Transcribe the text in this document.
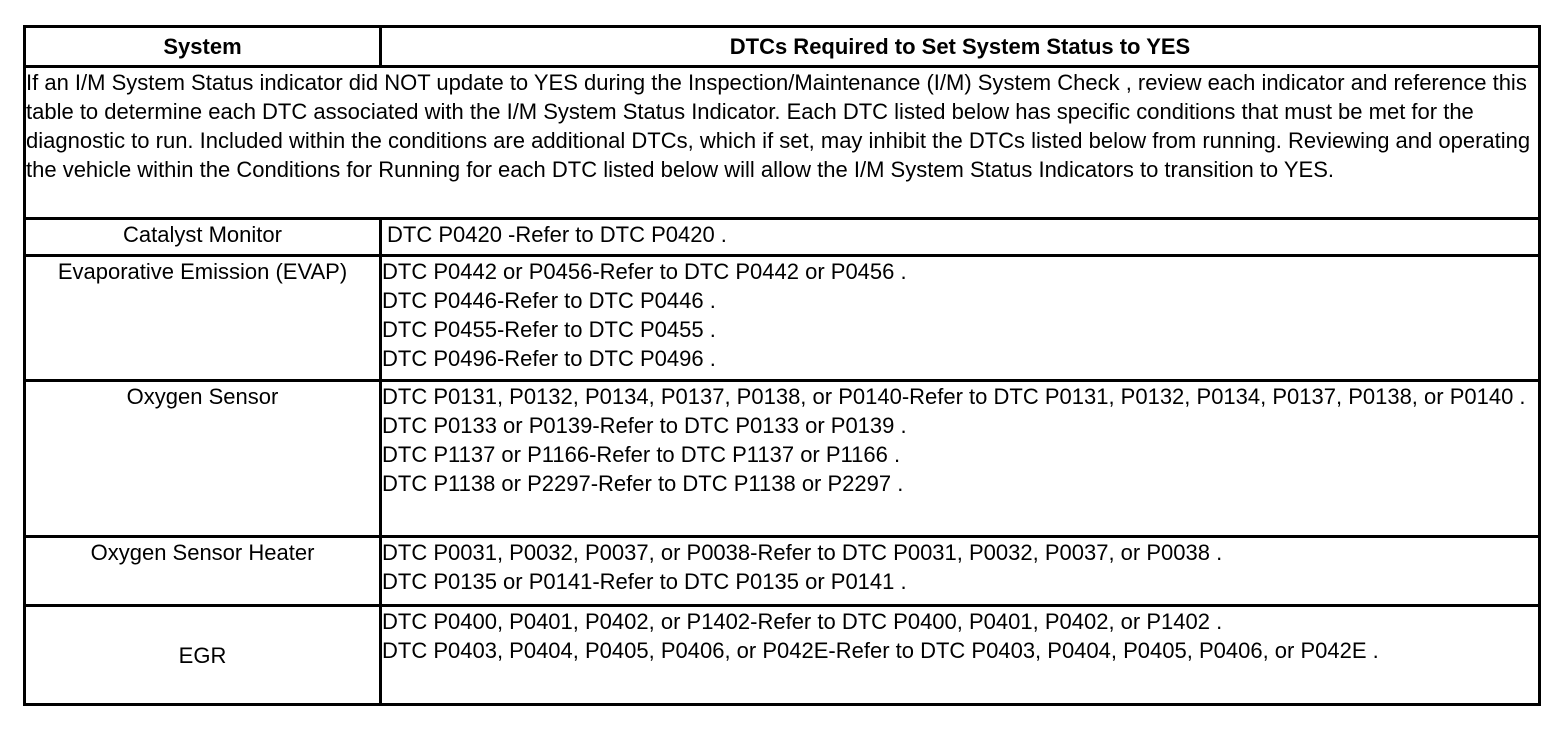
System	DTCs Required to Set System Status to YES
If an I/M System Status indicator did NOT update to YES during the Inspection/Maintenance (I/M) System Check , review each indicator and reference this table to determine each DTC associated with the I/M System Status Indicator. Each DTC listed below has specific conditions that must be met for the diagnostic to run. Included within the conditions are additional DTCs, which if set, may inhibit the DTCs listed below from running. Reviewing and operating the vehicle within the Conditions for Running for each DTC listed below will allow the I/M System Status Indicators to transition to YES.	
Catalyst Monitor	DTC P0420 -Refer to DTC P0420 .

Evaporative Emission (EVAP)	DTC P0442 or P0456-Refer to DTC P0442 or P0456 .
DTC P0446-Refer to DTC P0446 .
DTC P0455-Refer to DTC P0455 .
DTC P0496-Refer to DTC P0496 .

Oxygen Sensor	DTC P0131, P0132, P0134, P0137, P0138, or P0140-Refer to DTC P0131, P0132, P0134, P0137, P0138, or P0140 .
DTC P0133 or P0139-Refer to DTC P0133 or P0139 .
DTC P1137 or P1166-Refer to DTC P1137 or P1166 .
DTC P1138 or P2297-Refer to DTC P1138 or P2297 .

Oxygen Sensor Heater	DTC P0031, P0032, P0037, or P0038-Refer to DTC P0031, P0032, P0037, or P0038 .
DTC P0135 or P0141-Refer to DTC P0135 or P0141 .

EGR	DTC P0400, P0401, P0402, or P1402-Refer to DTC P0400, P0401, P0402, or P1402 .
DTC P0403, P0404, P0405, P0406, or P042E-Refer to DTC P0403, P0404, P0405, P0406, or P042E .
